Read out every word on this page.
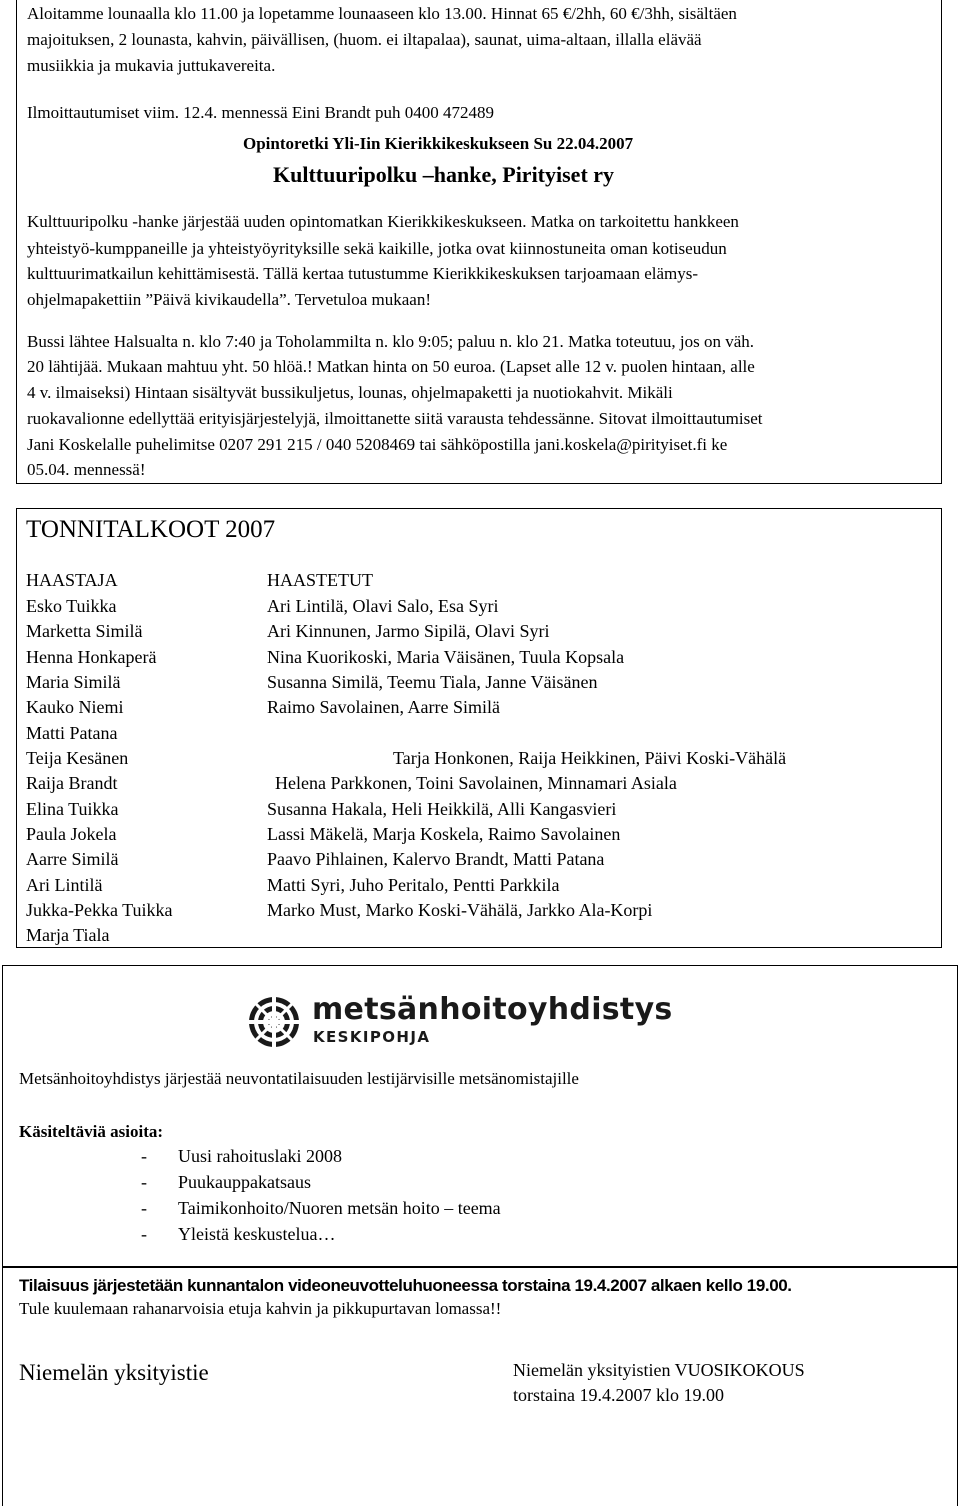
Aloitamme lounaalla klo 11.00 ja lopetamme lounaaseen klo 13.00. Hinnat 65 €/2hh, 60 €/3hh, sisältäen
majoituksen, 2 lounasta, kahvin, päivällisen, (huom. ei iltapalaa), saunat, uima-altaan, illalla elävää
musiikkia ja mukavia juttukavereita.
Ilmoittautumiset viim. 12.4. mennessä Eini Brandt puh 0400 472489
Opintoretki Yli-Iin Kierikkikeskukseen Su 22.04.2007
Kulttuuripolku –hanke, Pirityiset ry
Kulttuuripolku -hanke järjestää uuden opintomatkan Kierikkikeskukseen. Matka on tarkoitettu hankkeen
yhteistyö-kumppaneille ja yhteistyöyrityksille sekä kaikille, jotka ovat kiinnostuneita oman kotiseudun
kulttuurimatkailun kehittämisestä. Tällä kertaa tutustumme Kierikkikeskuksen tarjoamaan elämys-
ohjelmapakettiin ”Päivä kivikaudella”. Tervetuloa mukaan!
Bussi lähtee Halsualta n. klo 7:40 ja Toholammilta n. klo 9:05; paluu n. klo 21. Matka toteutuu, jos on väh.
20 lähtijää. Mukaan mahtuu yht. 50 hlöä.! Matkan hinta on 50 euroa. (Lapset alle 12 v. puolen hintaan, alle
4 v. ilmaiseksi) Hintaan sisältyvät bussikuljetus, lounas, ohjelmapaketti ja nuotiokahvit. Mikäli
ruokavalionne edellyttää erityisjärjestelyjä, ilmoittanette siitä varausta tehdessänne. Sitovat ilmoittautumiset
Jani Koskelalle puhelimitse 0207 291 215 / 040 5208469 tai sähköpostilla jani.koskela@pirityiset.fi ke
05.04. mennessä!
TONNITALKOOT 2007
HAASTAJA	HAASTETUT
Esko Tuikka
Marketta Similä
Henna Honkaperä
Maria Similä
Kauko Niemi
Matti Patana
Teija Kesänen
Raija Brandt
Elina Tuikka
Paula Jokela
Aarre Similä
Ari Lintilä
Jukka-Pekka Tuikka
Marja Tiala
Ari Lintilä, Olavi Salo, Esa Syri
Ari Kinnunen, Jarmo Sipilä, Olavi Syri
Nina Kuorikoski, Maria Väisänen, Tuula Kopsala
Susanna Similä, Teemu Tiala, Janne Väisänen
Raimo Savolainen, Aarre Similä
Tarja Honkonen, Raija Heikkinen, Päivi Koski-Vähälä
Helena Parkkonen, Toini Savolainen, Minnamari Asiala
Susanna Hakala, Heli Heikkilä, Alli Kangasvieri
Lassi Mäkelä, Marja Koskela, Raimo Savolainen
Paavo Pihlainen, Kalervo Brandt, Matti Patana
Matti Syri, Juho Peritalo, Pentti Parkkila
Marko Must, Marko Koski-Vähälä, Jarkko Ala-Korpi
metsänhoitoyhdistys
KESKIPOHJA
Metsänhoitoyhdistys järjestää neuvontatilaisuuden lestijärvisille metsänomistajille
Käsiteltäviä asioita:
- Uusi rahoituslaki 2008
- Puukauppakatsaus
- Taimikonhoito/Nuoren metsän hoito – teema
- Yleistä keskustelua…
Tilaisuus järjestetään kunnantalon videoneuvotteluhuoneessa torstaina 19.4.2007 alkaen kello 19.00.
Tule kuulemaan rahanarvoisia etuja kahvin ja pikkupurtavan lomassa!!
Niemelän yksityistie	Niemelän yksityistien VUOSIKOKOUS
torstaina 19.4.2007 klo 19.00
